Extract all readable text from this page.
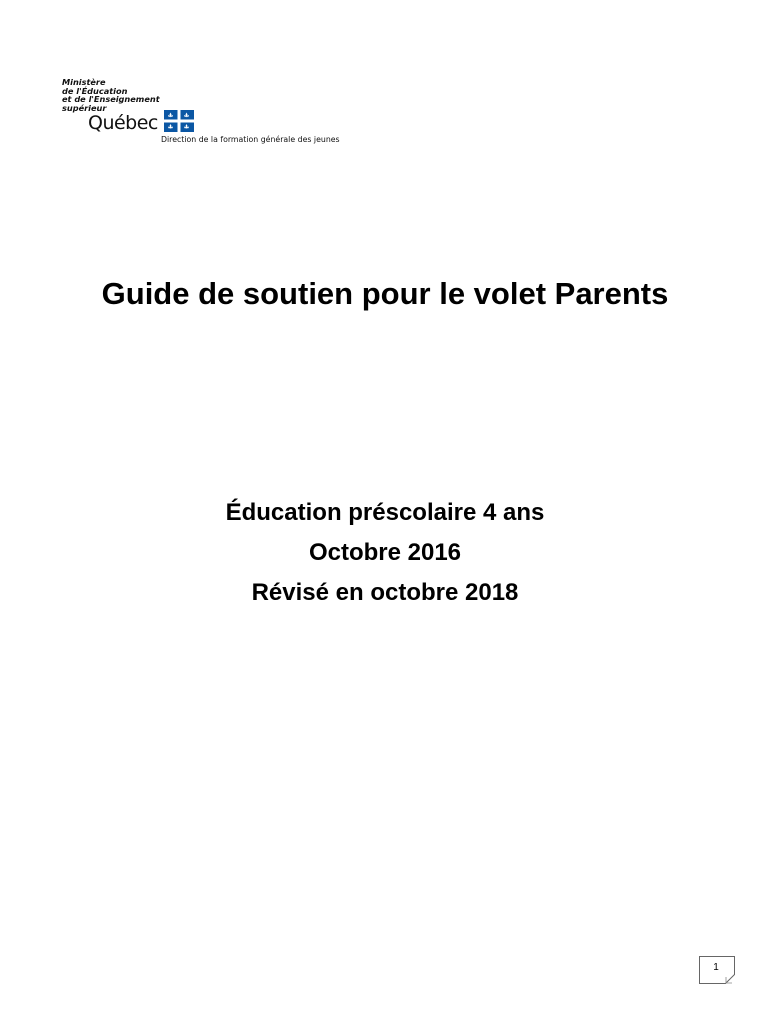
Ministère
de l'Éducation
et de l'Enseignement
supérieur
Québec
Direction de la formation générale des jeunes
Guide de soutien pour le volet Parents
Éducation préscolaire 4 ans
Octobre 2016
Révisé en octobre 2018
1
